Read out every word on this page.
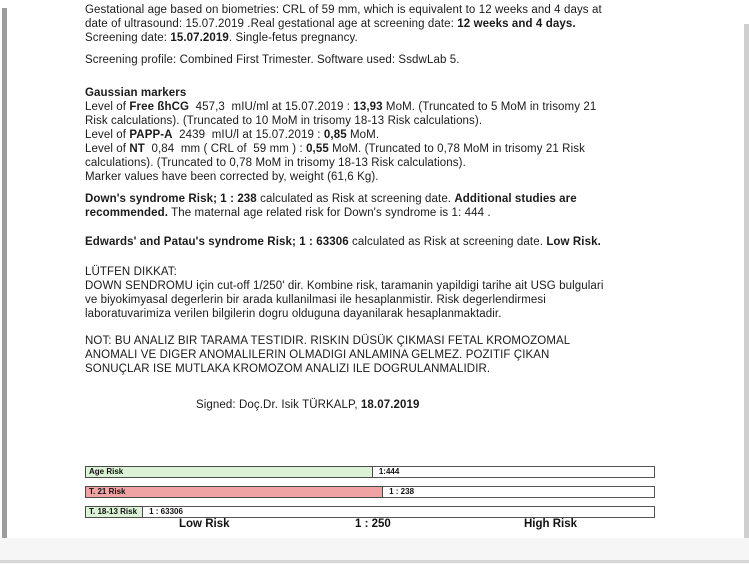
Gestational age based on biometries: CRL of 59 mm, which is equivalent to 12 weeks and 4 days at
date of ultrasound: 15.07.2019 .Real gestational age at screening date: 12 weeks and 4 days.
Screening date: 15.07.2019. Single-fetus pregnancy.
Screening profile: Combined First Trimester. Software used: SsdwLab 5.
Gaussian markers
Level of Free ßhCG  457,3  mIU/ml at 15.07.2019 : 13,93 MoM. (Truncated to 5 MoM in trisomy 21
Risk calculations). (Truncated to 10 MoM in trisomy 18-13 Risk calculations).
Level of PAPP-A  2439  mIU/l at 15.07.2019 : 0,85 MoM.
Level of NT  0,84  mm ( CRL of  59 mm ) : 0,55 MoM. (Truncated to 0,78 MoM in trisomy 21 Risk
calculations). (Truncated to 0,78 MoM in trisomy 18-13 Risk calculations).
Marker values have been corrected by, weight (61,6 Kg).
Down's syndrome Risk; 1 : 238 calculated as Risk at screening date. Additional studies are
recommended. The maternal age related risk for Down's syndrome is 1: 444 .
Edwards' and Patau's syndrome Risk; 1 : 63306 calculated as Risk at screening date. Low Risk.
LÜTFEN DIKKAT:
DOWN SENDROMU için cut-off 1/250' dir. Kombine risk, taramanin yapildigi tarihe ait USG bulgulari
ve biyokimyasal degerlerin bir arada kullanilmasi ile hesaplanmistir. Risk degerlendirmesi
laboratuvarimiza verilen bilgilerin dogru olduguna dayanilarak hesaplanmaktadir.
NOT: BU ANALIZ BIR TARAMA TESTIDIR. RISKIN DÜSÜK ÇIKMASI FETAL KROMOZOMAL
ANOMALI VE DIGER ANOMALILERIN OLMADIGI ANLAMINA GELMEZ. POZITIF ÇIKAN
SONUÇLAR ISE MUTLAKA KROMOZOM ANALIZI ILE DOGRULANMALIDIR.
Signed: Doç.Dr. Isik TÜRKALP, 18.07.2019
Age Risk	1:444
T. 21 Risk	1 : 238
T. 18-13 Risk 1 : 63306
Low Risk	1 : 250	High Risk
